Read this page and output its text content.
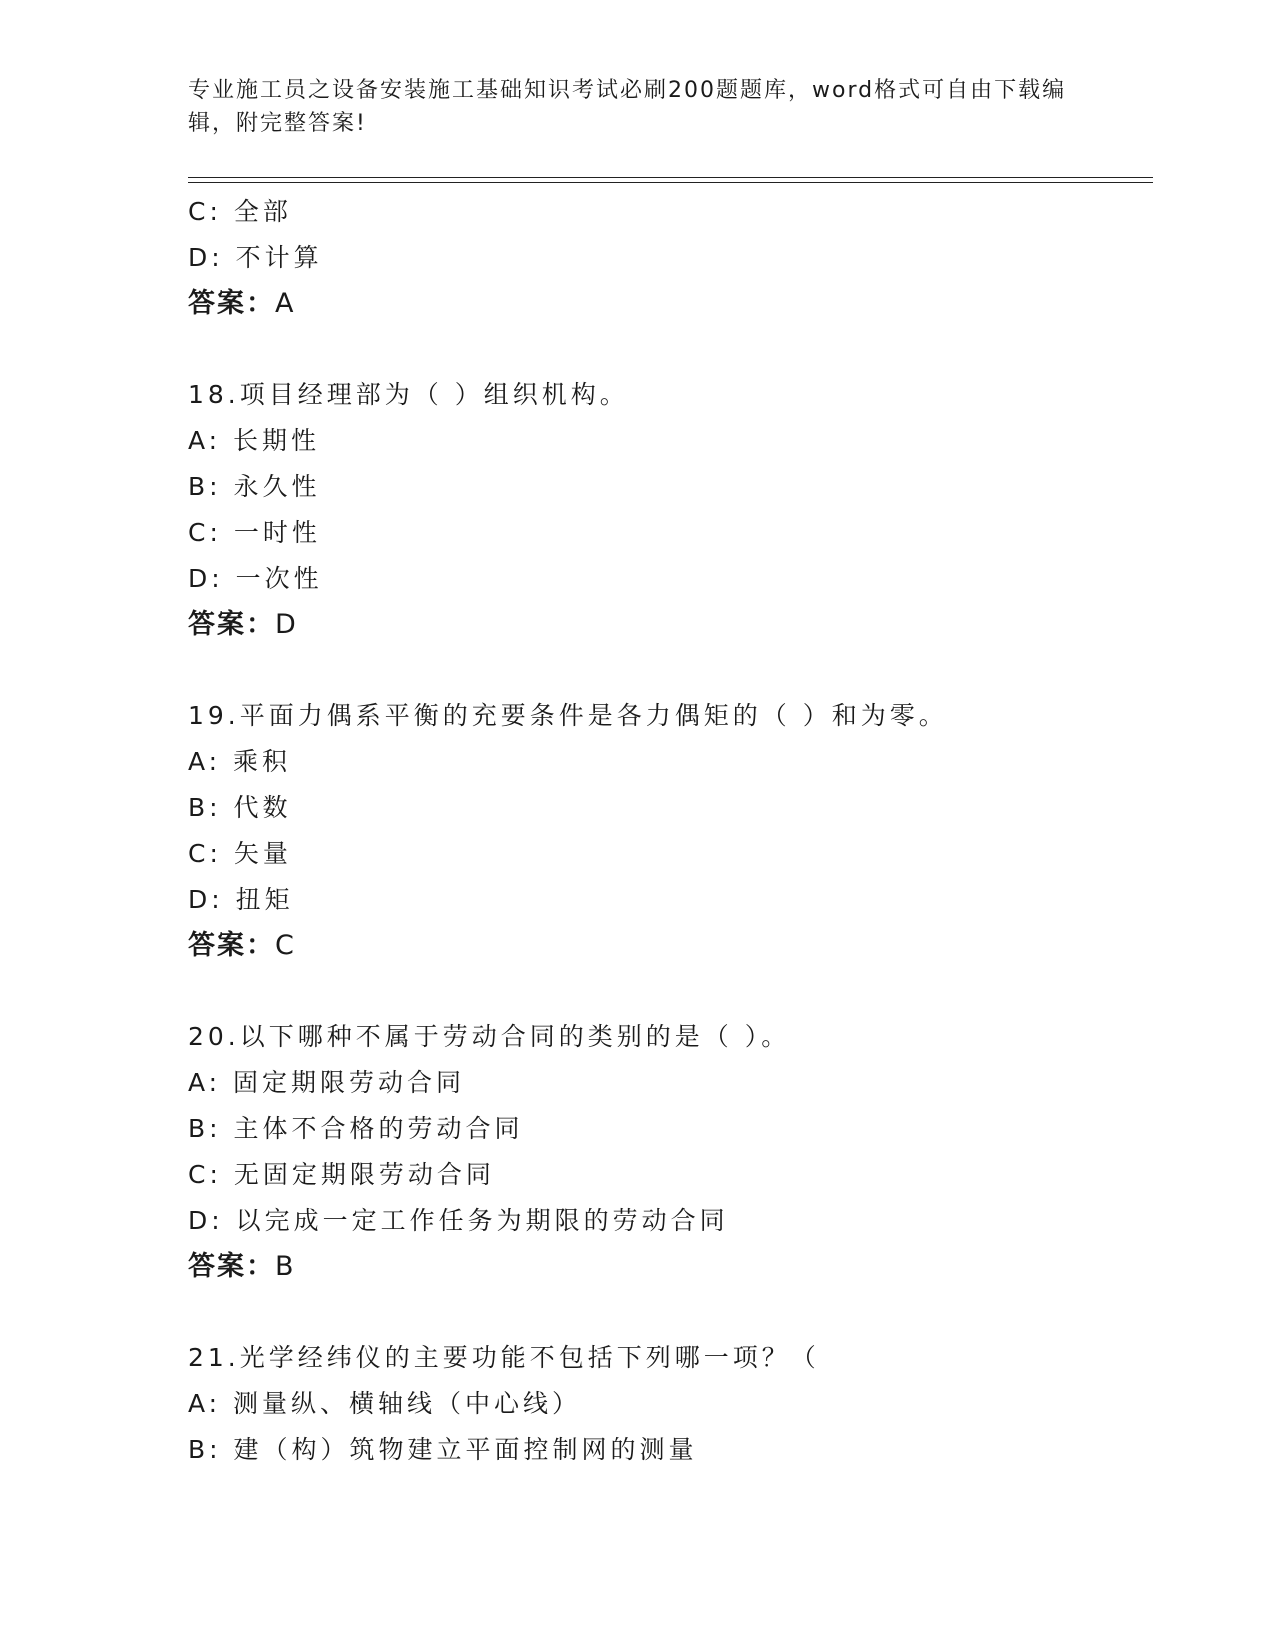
专业施工员之设备安装施工基础知识考试必刷200题题库，word格式可自由下载编辑，附完整答案!
C: 全部
D: 不计算
答案：A
18.项目经理部为（ ）组织机构。
A: 长期性
B: 永久性
C: 一时性
D: 一次性
答案：D
19.平面力偶系平衡的充要条件是各力偶矩的（ ）和为零。
A: 乘积
B: 代数
C: 矢量
D: 扭矩
答案：C
20.以下哪种不属于劳动合同的类别的是（ ）。
A: 固定期限劳动合同
B: 主体不合格的劳动合同
C: 无固定期限劳动合同
D: 以完成一定工作任务为期限的劳动合同
答案：B
21.光学经纬仪的主要功能不包括下列哪一项？（
A: 测量纵、横轴线（中心线）
B: 建（构）筑物建立平面控制网的测量
